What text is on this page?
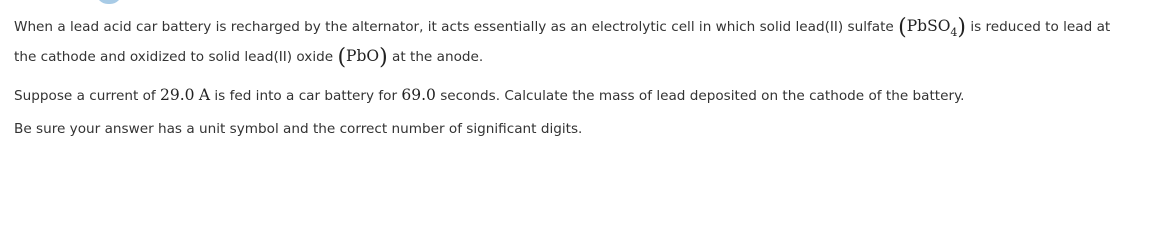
When a lead acid car battery is recharged by the alternator, it acts essentially as an electrolytic cell in which solid lead(II) sulfate (PbSO$_4$) is reduced to lead at
the cathode and oxidized to solid lead(II) oxide (PbO) at the anode.
Suppose a current of 29.0 A is fed into a car battery for 69.0 seconds. Calculate the mass of lead deposited on the cathode of the battery.
Be sure your answer has a unit symbol and the correct number of significant digits.
